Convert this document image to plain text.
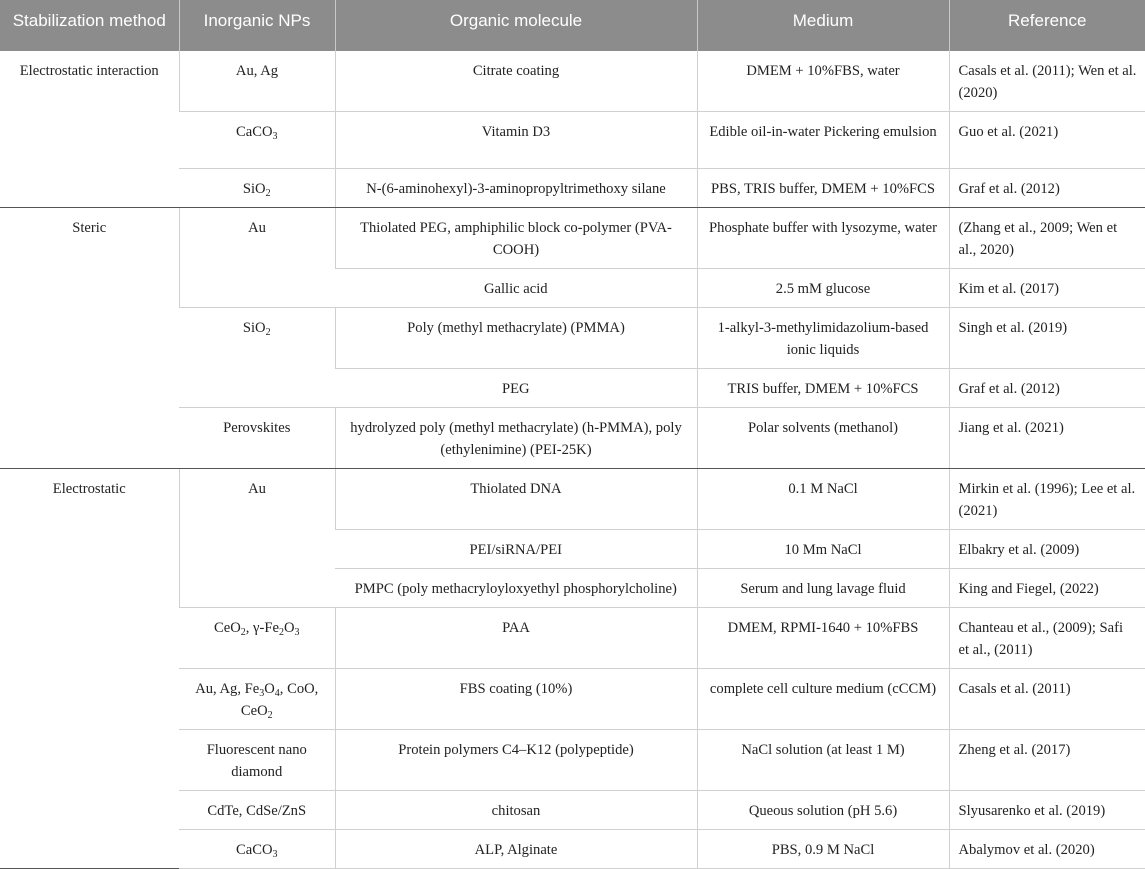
Stabilization method	Inorganic NPs	Organic molecule	Medium	Reference
Electrostatic interaction	Au, Ag	Citrate coating	DMEM + 10%FBS, water	Casals et al. (2011); Wen et al. (2020)
	CaCO$_3$	Vitamin D3	Edible oil-in-water Pickering emulsion	Guo et al. (2021)
	SiO$_2$	N-(6-aminohexyl)-3-aminopropyltrimethoxy silane	PBS, TRIS buffer, DMEM + 10%FCS	Graf et al. (2012)
Steric	Au	Thiolated PEG, amphiphilic block co-polymer (PVA-COOH)	Phosphate buffer with lysozyme, water	(Zhang et al., 2009; Wen et al., 2020)
		Gallic acid	2.5 mM glucose	Kim et al. (2017)
	SiO$_2$	Poly (methyl methacrylate) (PMMA)	1-alkyl-3-methylimidazolium-based ionic liquids	Singh et al. (2019)
		PEG	TRIS buffer, DMEM + 10%FCS	Graf et al. (2012)
	Perovskites	hydrolyzed poly (methyl methacrylate) (h-PMMA), poly (ethylenimine) (PEI-25K)	Polar solvents (methanol)	Jiang et al. (2021)
Electrostatic	Au	Thiolated DNA	0.1 M NaCl	Mirkin et al. (1996); Lee et al. (2021)
		PEI/siRNA/PEI	10 Mm NaCl	Elbakry et al. (2009)
		PMPC (poly methacryloyloxyethyl phosphorylcholine)	Serum and lung lavage fluid	King and Fiegel, (2022)
	CeO$_2$, $\gamma-Fe_2O_3$	PAA	DMEM, RPMI-1640 + 10%FBS	Chanteau et al., (2009); Safi et al., (2011)
	Au, Ag, $Fe_3O_4$, CoO, CeO$_2$	FBS coating (10%)	complete cell culture medium (cCCM)	Casals et al. (2011)
	Fluorescent nano diamond	Protein polymers C4–K12 (polypeptide)	NaCl solution (at least 1 M)	Zheng et al. (2017)
	CdTe, CdSe/ZnS	chitosan	Queous solution (pH 5.6)	Slyusarenko et al. (2019)
	CaCO$_3$	ALP, Alginate	PBS, 0.9 M NaCl	Abalymov et al. (2020)
